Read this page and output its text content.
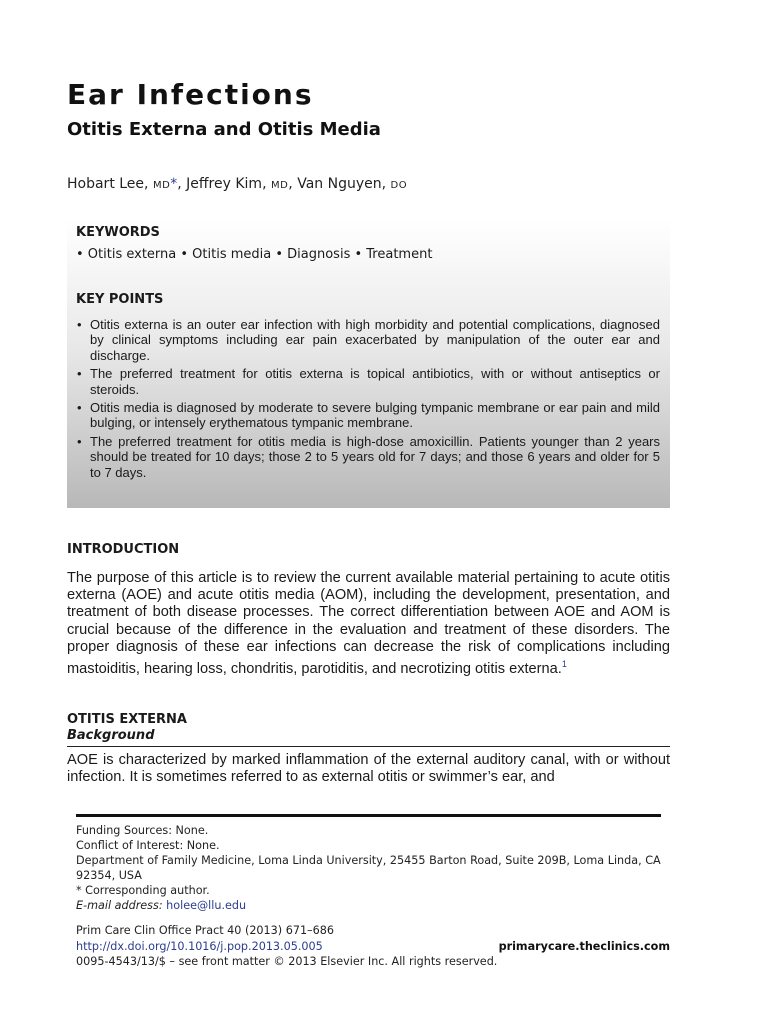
Ear Infections
Otitis Externa and Otitis Media
Hobart Lee, MD*, Jeffrey Kim, MD, Van Nguyen, DO

KEYWORDS

• Otitis externa • Otitis media • Diagnosis • Treatment

KEY POINTS

• Otitis externa is an outer ear infection with high morbidity and potential complications, diagnosed by clinical symptoms including ear pain exacerbated by manipulation of the outer ear and discharge.
• The preferred treatment for otitis externa is topical antibiotics, with or without antiseptics or steroids.
• Otitis media is diagnosed by moderate to severe bulging tympanic membrane or ear pain and mild bulging, or intensely erythematous tympanic membrane.
• The preferred treatment for otitis media is high-dose amoxicillin. Patients younger than 2 years should be treated for 10 days; those 2 to 5 years old for 7 days; and those 6 years and older for 5 to 7 days.
INTRODUCTION

The purpose of this article is to review the current available material pertaining to acute otitis externa (AOE) and acute otitis media (AOM), including the development, presentation, and treatment of both disease processes. The correct differentiation between AOE and AOM is crucial because of the difference in the evaluation and treatment of these disorders. The proper diagnosis of these ear infections can decrease the risk of complications including mastoiditis, hearing loss, chondritis, parotiditis, and necrotizing otitis externa.$^1$

OTITIS EXTERNA
Background

AOE is characterized by marked inflammation of the external auditory canal, with or without infection. It is sometimes referred to as external otitis or swimmer’s ear, and

Funding Sources: None.
Conflict of Interest: None.
Department of Family Medicine, Loma Linda University, 25455 Barton Road, Suite 209B, Loma Linda, CA 92354, USA
* Corresponding author.
E-mail address: holee@llu.edu
Prim Care Clin Office Pract 40 (2013) 671–686
http://dx.doi.org/10.1016/j.pop.2013.05.005	primarycare.theclinics.com
0095-4543/13/$ – see front matter © 2013 Elsevier Inc. All rights reserved.
